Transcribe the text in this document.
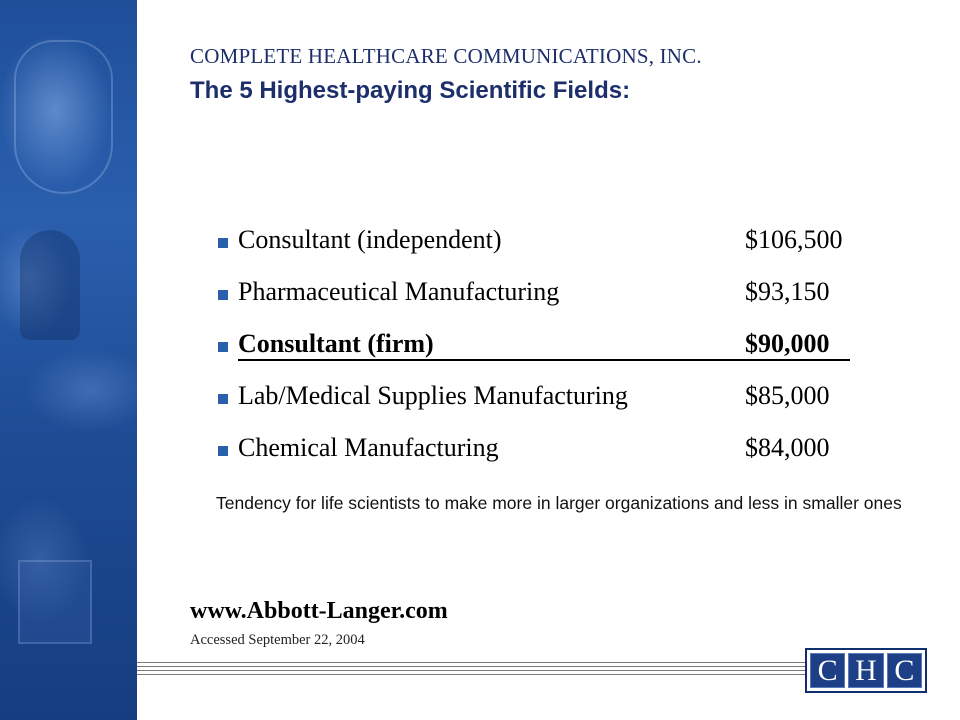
COMPLETE HEALTHCARE COMMUNICATIONS, INC.
The 5 Highest-paying Scientific Fields:
Consultant (independent)	$106,500
Pharmaceutical Manufacturing	$93,150
Consultant (firm)	$90,000
Lab/Medical Supplies Manufacturing	$85,000
Chemical Manufacturing	$84,000
Tendency for life scientists to make more in larger organizations and less in smaller ones
www.Abbott-Langer.com
Accessed September 22, 2004
C H C
